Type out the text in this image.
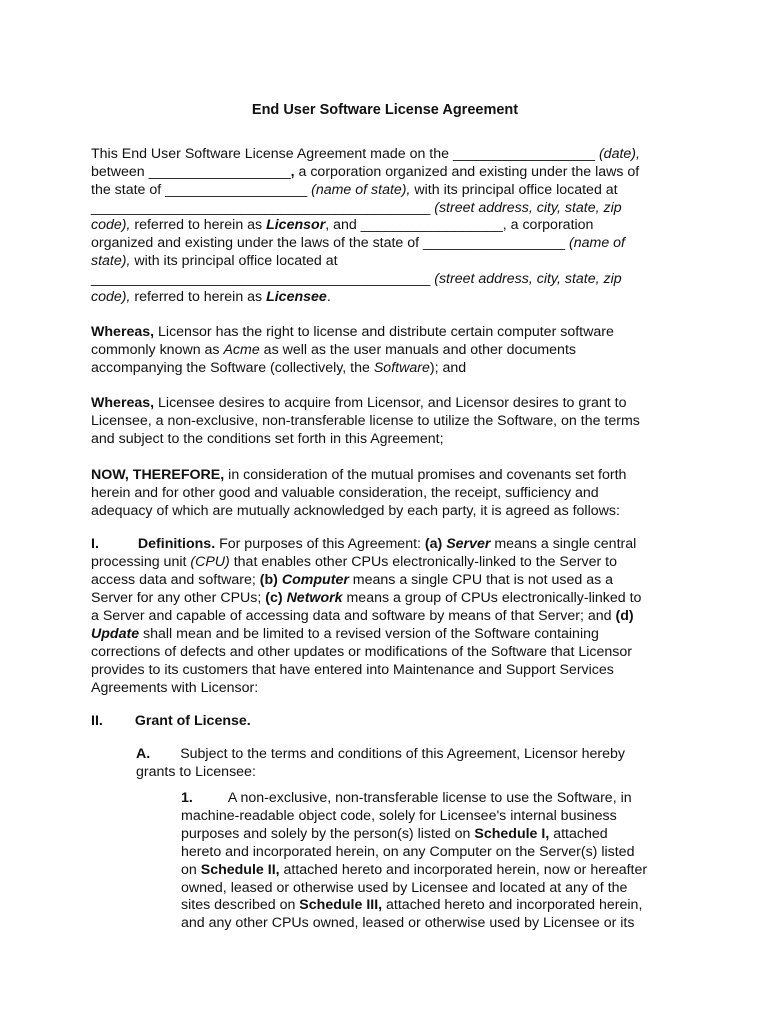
End User Software License Agreement
This End User Software License Agreement made on the __________________ (date),
between __________________, a corporation organized and existing under the laws of
the state of __________________ (name of state), with its principal office located at
___________________________________________ (street address, city, state, zip
code), referred to herein as Licensor, and __________________, a corporation
organized and existing under the laws of the state of __________________ (name of
state), with its principal office located at
___________________________________________ (street address, city, state, zip
code), referred to herein as Licensee.
Whereas, Licensor has the right to license and distribute certain computer software
commonly known as Acme as well as the user manuals and other documents
accompanying the Software (collectively, the Software); and
Whereas, Licensee desires to acquire from Licensor, and Licensor desires to grant to
Licensee, a non-exclusive, non-transferable license to utilize the Software, on the terms
and subject to the conditions set forth in this Agreement;
NOW, THEREFORE, in consideration of the mutual promises and covenants set forth
herein and for other good and valuable consideration, the receipt, sufficiency and
adequacy of which are mutually acknowledged by each party, it is agreed as follows:
I.	Definitions. For purposes of this Agreement: (a) Server means a single central
processing unit (CPU) that enables other CPUs electronically-linked to the Server to
access data and software; (b) Computer means a single CPU that is not used as a
Server for any other CPUs; (c) Network means a group of CPUs electronically-linked to
a Server and capable of accessing data and software by means of that Server; and (d)
Update shall mean and be limited to a revised version of the Software containing
corrections of defects and other updates or modifications of the Software that Licensor
provides to its customers that have entered into Maintenance and Support Services
Agreements with Licensor:
II. Grant of License.
A. Subject to the terms and conditions of this Agreement, Licensor hereby
grants to Licensee:
1. A non-exclusive, non-transferable license to use the Software, in
machine-readable object code, solely for Licensee's internal business
purposes and solely by the person(s) listed on Schedule I, attached
hereto and incorporated herein, on any Computer on the Server(s) listed
on Schedule II, attached hereto and incorporated herein, now or hereafter
owned, leased or otherwise used by Licensee and located at any of the
sites described on Schedule III, attached hereto and incorporated herein,
and any other CPUs owned, leased or otherwise used by Licensee or its
